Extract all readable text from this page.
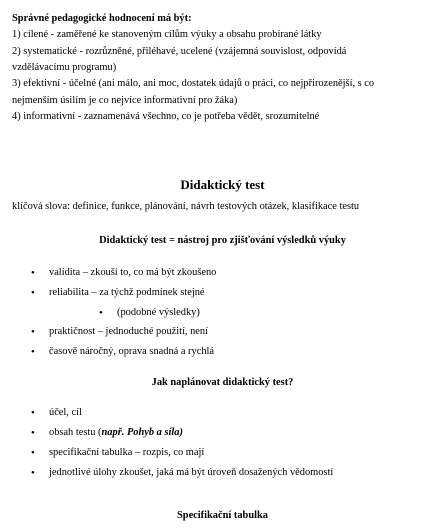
Správné pedagogické hodnocení má být:
1) cílené - zaměřené ke stanoveným cílům výuky a obsahu probírané látky
2) systematické - rozrůzněné, přiléhavé, ucelené (vzájemná souvislost, odpovídá
vzdělávacímu programu)
3) efektivní - účelné (ani málo, ani moc, dostatek údajů o práci, co nejpřirozenější, s co
nejmenším úsilím je co nejvíce informativní pro žáka)
4) informativní - zaznamenává všechno, co je potřeba vědět, srozumitelné
Didaktický test
klíčová slova: definice, funkce, plánování, návrh testových otázek, klasifikace testu
Didaktický test = nástroj pro zjišťování výsledků výuky
• validita – zkouší to, co má být zkoušeno
• reliabilita – za týchž podmínek stejné
• (podobné výsledky)
• praktičnost – jednoduché použití, není
• časově náročný, oprava snadná a rychlá
Jak naplánovat didaktický test?
• účel, cíl
• obsah testu (např. Pohyb a síla)
• specifikační tabulka – rozpis, co mají
• jednotlivé úlohy zkoušet, jaká má být úroveň dosažených vědomostí
Specifikační tabulka
